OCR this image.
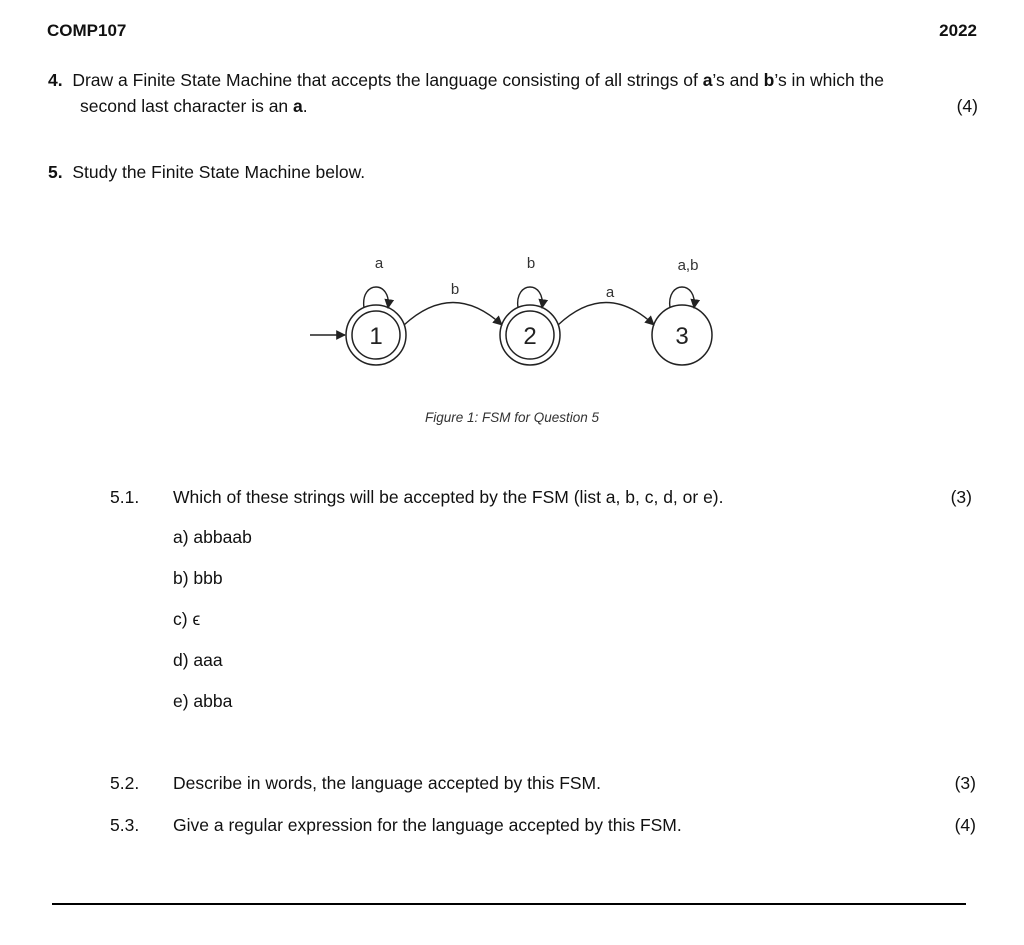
COMP107	2022
4. Draw a Finite State Machine that accepts the language consisting of all strings of a’s and b’s in which the
second last character is an a.	(4)
5. Study the Finite State Machine below.
1	2	3
a	b	a,b
b	a
Figure 1: FSM for Question 5
5.1. Which of these strings will be accepted by the FSM (list a, b, c, d, or e).	(3)
a) abbaab
b) bbb
c) ϵ
d) aaa
e) abba
5.2. Describe in words, the language accepted by this FSM.	(3)
5.3. Give a regular expression for the language accepted by this FSM.	(4)
